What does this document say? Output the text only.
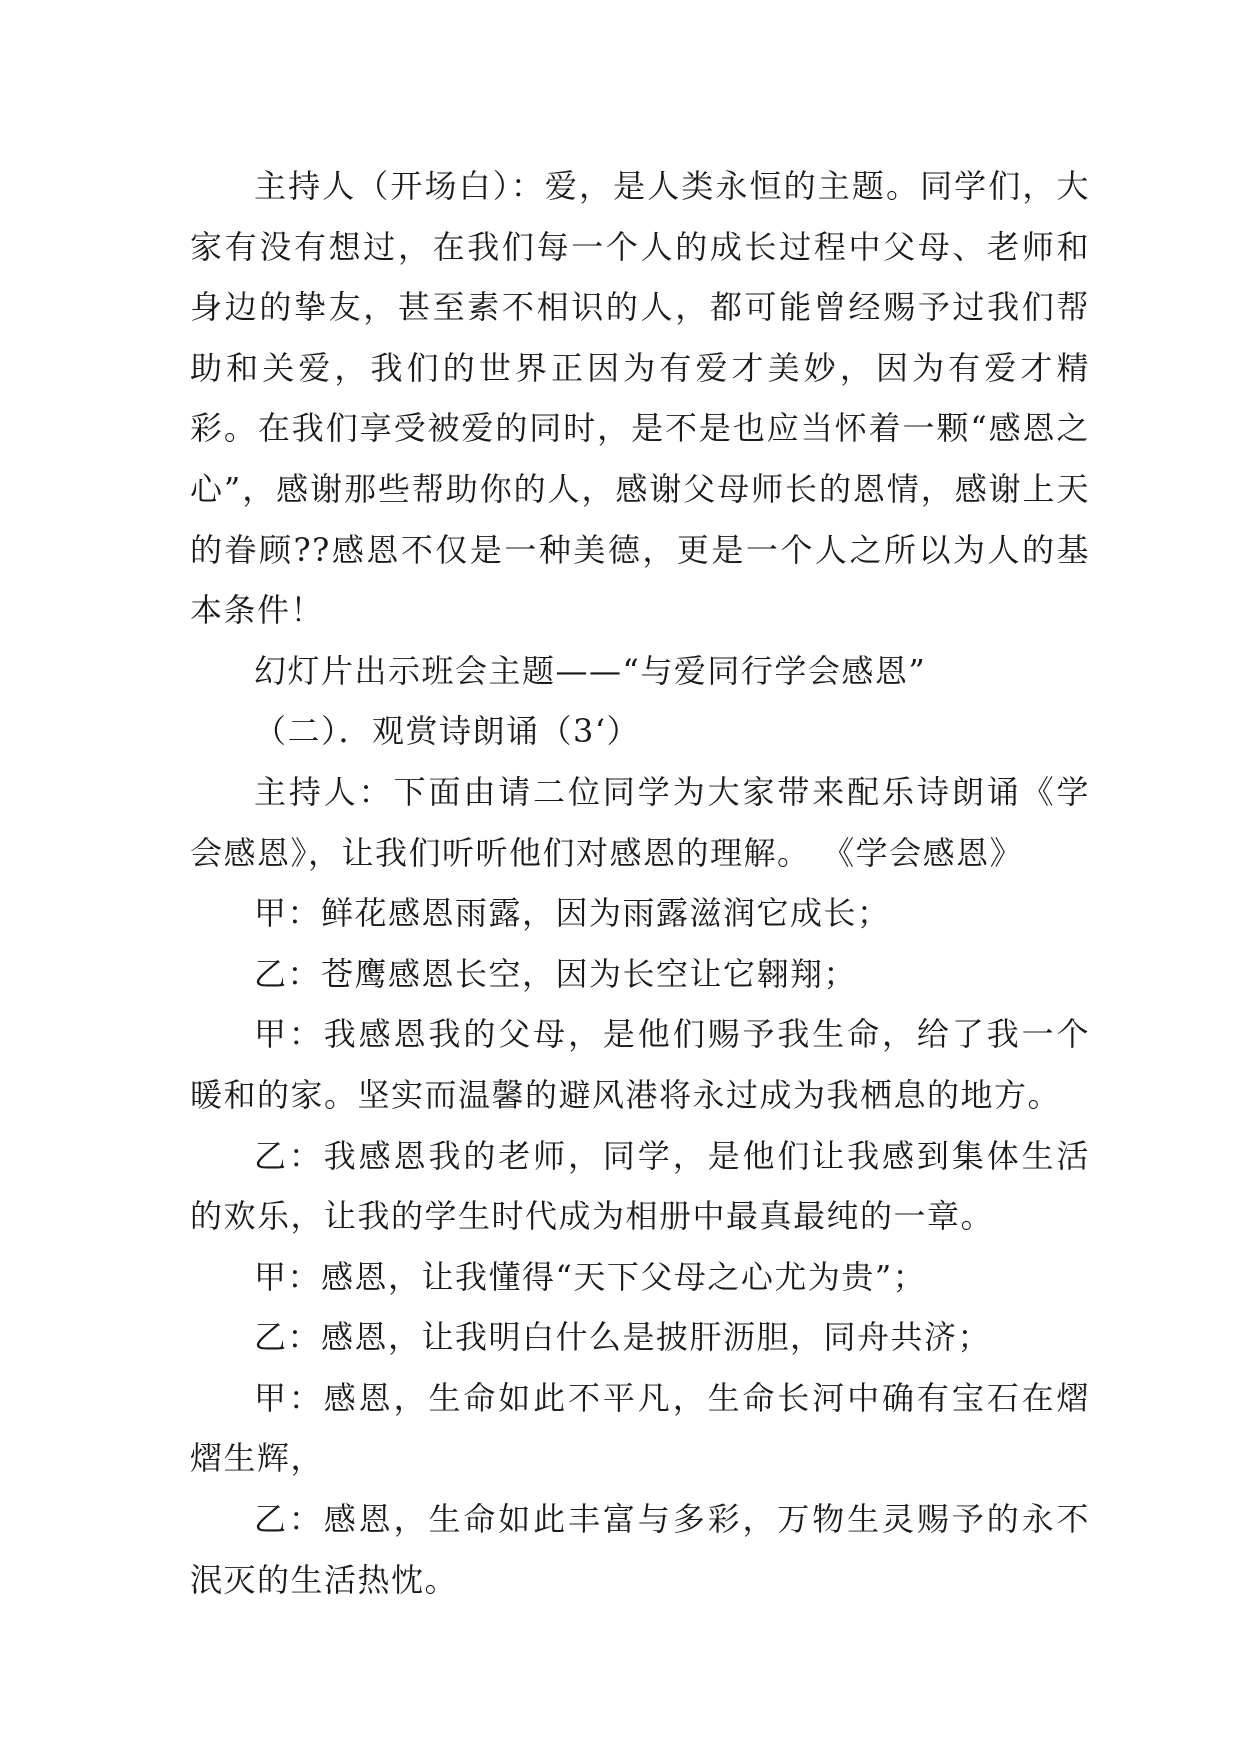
主持人（开场白）：爱，是人类永恒的主题。同学们，大家有没有想过，在我们每一个人的成长过程中父母、老师和身边的挚友，甚至素不相识的人，都可能曾经赐予过我们帮助和关爱，我们的世界正因为有爱才美妙，因为有爱才精彩。在我们享受被爱的同时，是不是也应当怀着一颗“感恩之心”，感谢那些帮助你的人，感谢父母师长的恩情，感谢上天的眷顾??感恩不仅是一种美德，更是一个人之所以为人的基本条件！

幻灯片出示班会主题——“与爱同行学会感恩”

（二）．观赏诗朗诵（3‘）

主持人：下面由请二位同学为大家带来配乐诗朗诵《学会感恩》，让我们听听他们对感恩的理解。 《学会感恩》

甲：鲜花感恩雨露，因为雨露滋润它成长；

乙：苍鹰感恩长空，因为长空让它翱翔；

甲：我感恩我的父母，是他们赐予我生命，给了我一个暖和的家。坚实而温馨的避风港将永过成为我栖息的地方。

乙：我感恩我的老师，同学，是他们让我感到集体生活的欢乐，让我的学生时代成为相册中最真最纯的一章。

甲：感恩，让我懂得“天下父母之心尤为贵”；

乙：感恩，让我明白什么是披肝沥胆，同舟共济；

甲：感恩，生命如此不平凡，生命长河中确有宝石在熠熠生辉，

乙：感恩，生命如此丰富与多彩，万物生灵赐予的永不泯灭的生活热忱。
